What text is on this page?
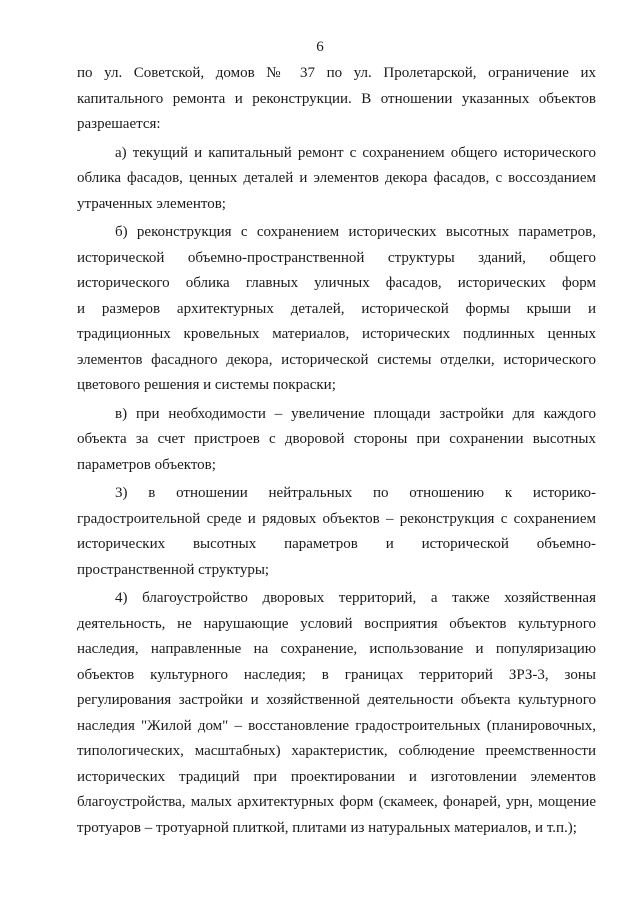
6
по ул. Советской, домов № 37 по ул. Пролетарской, ограничение их
капитального ремонта и реконструкции. В отношении указанных объектов
разрешается:
а) текущий и капитальный ремонт с сохранением общего исторического
облика фасадов, ценных деталей и элементов декора фасадов, с воссозданием
утраченных элементов;
б) реконструкция с сохранением исторических высотных параметров,
исторической объемно-пространственной структуры зданий, общего
исторического облика главных уличных фасадов, исторических форм
и размеров архитектурных деталей, исторической формы крыши и
традиционных кровельных материалов, исторических подлинных ценных
элементов фасадного декора, исторической системы отделки, исторического
цветового решения и системы покраски;
в) при необходимости – увеличение площади застройки для каждого
объекта за счет пристроев с дворовой стороны при сохранении высотных
параметров объектов;
3) в отношении нейтральных по отношению к историко-
градостроительной среде и рядовых объектов – реконструкция с сохранением
исторических высотных параметров и исторической объемно-
пространственной структуры;
4) благоустройство дворовых территорий, а также хозяйственная
деятельность, не нарушающие условий восприятия объектов культурного
наследия, направленные на сохранение, использование и популяризацию
объектов культурного наследия; в границах территорий ЗРЗ-3, зоны
регулирования застройки и хозяйственной деятельности объекта культурного
наследия "Жилой дом" – восстановление градостроительных (планировочных,
типологических, масштабных) характеристик, соблюдение преемственности
исторических традиций при проектировании и изготовлении элементов
благоустройства, малых архитектурных форм (скамеек, фонарей, урн, мощение
тротуаров – тротуарной плиткой, плитами из натуральных материалов, и т.п.);
